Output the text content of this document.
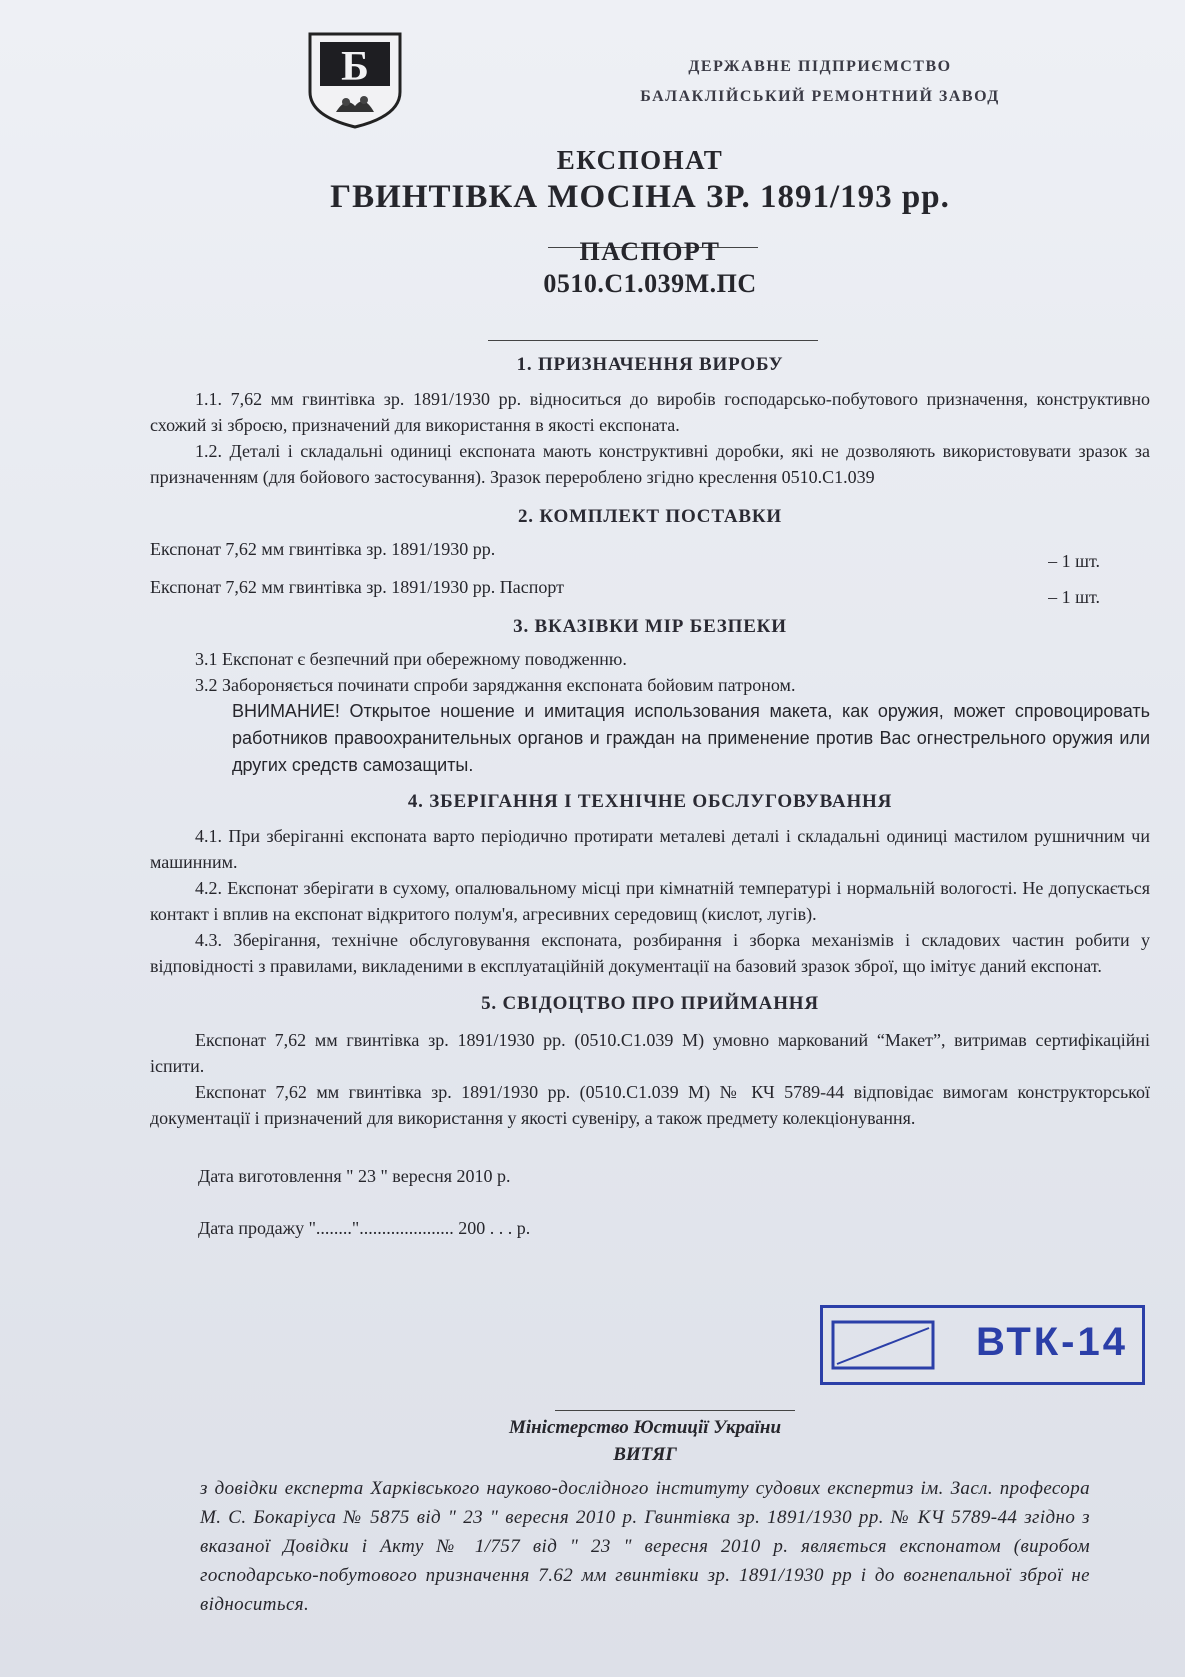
Б	ДЕРЖАВНЕ ПІДПРИЄМСТВО
БАЛАКЛІЙСЬКИЙ РЕМОНТНИЙ ЗАВОД
ЕКСПОНАТ
ГВИНТІВКА МОСІНА ЗР. 1891/193 рр.
ПАСПОРТ
0510.С1.039М.ПС
1. ПРИЗНАЧЕННЯ ВИРОБУ

1.1. 7,62 мм гвинтівка зр. 1891/1930 рр. відноситься до виробів господарсько-побутового призначення, конструктивно схожий зі зброєю, призначений для використання в якості експоната.

1.2. Деталі і складальні одиниці експоната мають конструктивні доробки, які не дозволяють використовувати зразок за призначенням (для бойового застосування). Зразок перероблено згідно креслення 0510.С1.039

2. КОМПЛЕКТ ПОСТАВКИ
Експонат 7,62 мм гвинтівка зр. 1891/1930 рр.
– 1 шт.
Експонат 7,62 мм гвинтівка зр. 1891/1930 рр. Паспорт	– 1 шт.
3. ВКАЗІВКИ МІР БЕЗПЕКИ
3.1 Експонат є безпечний при обережному поводженню.
3.2 Забороняється починати спроби заряджання експоната бойовим патроном.
ВНИМАНИЕ! Открытое ношение и имитация использования макета, как оружия, может спровоцировать работников правоохранительных органов и граждан на применение против Вас огнестрельного оружия или других средств самозащиты.
4. ЗБЕРІГАННЯ І ТЕХНІЧНЕ ОБСЛУГОВУВАННЯ

4.1. При зберіганні експоната варто періодично протирати металеві деталі і складальні одиниці мастилом рушничним чи машинним.

4.2. Експонат зберігати в сухому, опалювальному місці при кімнатній температурі і нормальній вологості. Не допускається контакт і вплив на експонат відкритого полум'я, агресивних середовищ (кислот, лугів).

4.3. Зберігання, технічне обслуговування експоната, розбирання і зборка механізмів і складових частин робити у відповідності з правилами, викладеними в експлуатаційній документації на базовий зразок зброї, що імітує даний експонат.

5. СВІДОЦТВО ПРО ПРИЙМАННЯ

Експонат 7,62 мм гвинтівка зр. 1891/1930 рр. (0510.С1.039 М) умовно маркований “Макет”, витримав сертифікаційні іспити.

Експонат 7,62 мм гвинтівка зр. 1891/1930 рр. (0510.С1.039 М) № КЧ 5789-44 відповідає вимогам конструкторської документації і призначений для використання у якості сувеніру, а також предмету колекціонування.

Дата виготовлення " 23 " вересня 2010 р.
Дата продажу "........"..................... 200 . . . р.
ВТК-14
Міністерство Юстиції України
ВИТЯГ
з довідки експерта Харківського науково-дослідного інституту судових експертиз ім. Засл. професора М. С. Бокаріуса № 5875 від " 23 " вересня 2010 р. Гвинтівка зр. 1891/1930 рр. № КЧ 5789-44 згідно з вказаної Довідки і Акту № 1/757 від " 23 " вересня 2010 р. являється експонатом (виробом господарсько-побутового призначення 7.62 мм гвинтівки зр. 1891/1930 рр і до вогнепальної зброї не відноситься.
